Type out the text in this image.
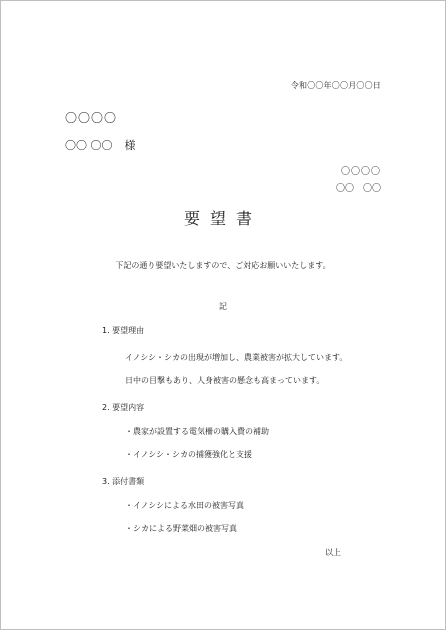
令和〇〇年〇〇月〇〇日
〇〇〇〇
〇〇 〇〇 様
〇〇〇〇
〇〇　〇〇
要望書
下記の通り要望いたしますので、ご対応お願いいたします。
記
1. 要望理由
イノシシ・シカの出現が増加し、農業被害が拡大しています。
日中の目撃もあり、人身被害の懸念も高まっています。
2. 要望内容
・農家が設置する電気柵の購入費の補助
・イノシシ・シカの捕獲強化と支援
3. 添付書類
・イノシシによる水田の被害写真
・シカによる野菜畑の被害写真
以上
